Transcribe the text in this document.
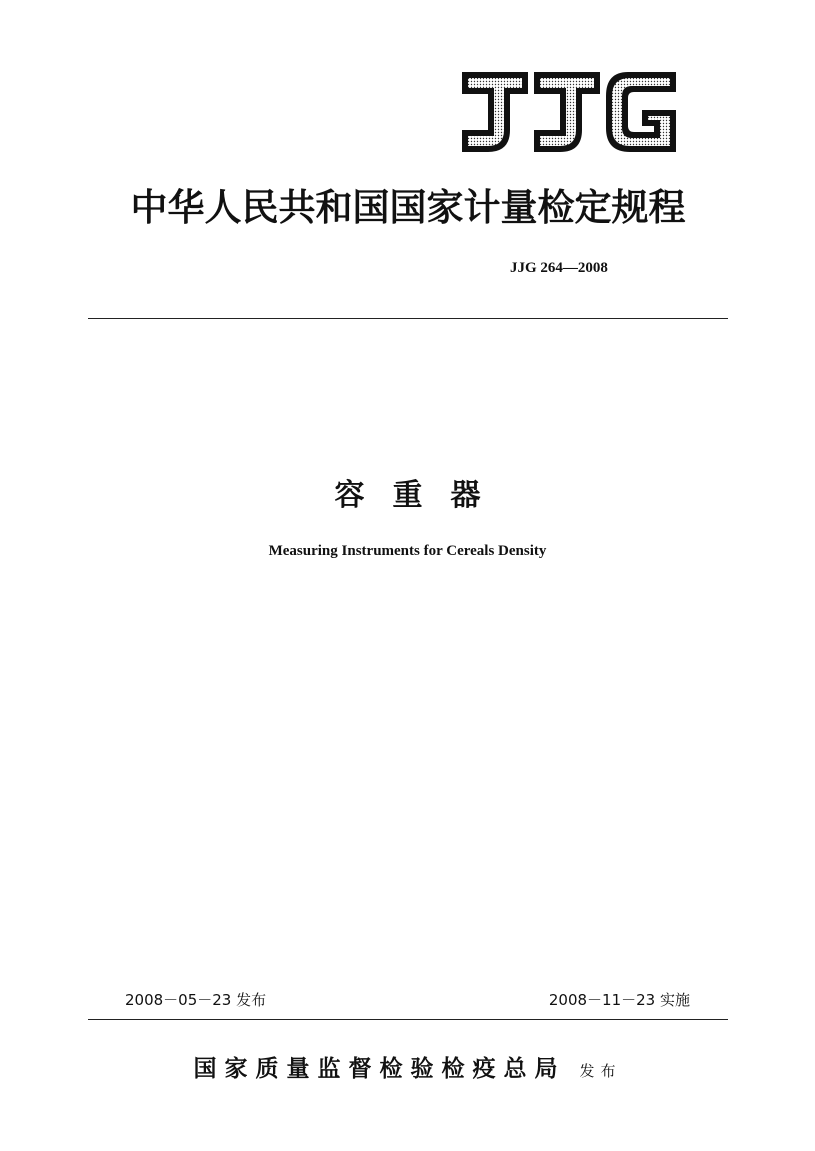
中华人民共和国国家计量检定规程
JJG 264—2008
容重器
Measuring Instruments for Cereals Density
2008－05－23 发布	2008－11－23 实施
国家质量监督检验检疫总局 发布
